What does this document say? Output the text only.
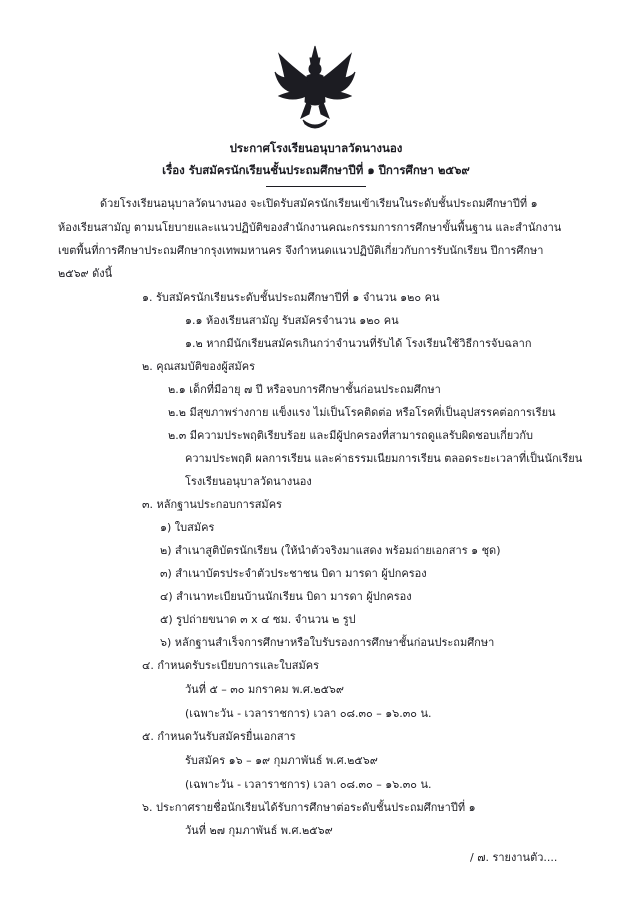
ประกาศโรงเรียนอนุบาลวัดนางนอง
เรื่อง รับสมัครนักเรียนชั้นประถมศึกษาปีที่ ๑ ปีการศึกษา ๒๕๖๙
ด้วยโรงเรียนอนุบาลวัดนางนอง จะเปิดรับสมัครนักเรียนเข้าเรียนในระดับชั้นประถมศึกษาปีที่ ๑
ห้องเรียนสามัญ ตามนโยบายและแนวปฏิบัติของสำนักงานคณะกรรมการการศึกษาขั้นพื้นฐาน และสำนักงาน
เขตพื้นที่การศึกษาประถมศึกษากรุงเทพมหานคร จึงกำหนดแนวปฏิบัติเกี่ยวกับการรับนักเรียน ปีการศึกษา
๒๕๖๙ ดังนี้
๑. รับสมัครนักเรียนระดับชั้นประถมศึกษาปีที่ ๑ จำนวน ๑๒๐ คน
๑.๑ ห้องเรียนสามัญ รับสมัครจำนวน ๑๒๐ คน
๑.๒ หากมีนักเรียนสมัครเกินกว่าจำนวนที่รับได้ โรงเรียนใช้วิธีการจับฉลาก
๒. คุณสมบัติของผู้สมัคร
๒.๑ เด็กที่มีอายุ ๗ ปี หรือจบการศึกษาชั้นก่อนประถมศึกษา
๒.๒ มีสุขภาพร่างกาย แข็งแรง ไม่เป็นโรคติดต่อ หรือโรคที่เป็นอุปสรรคต่อการเรียน
๒.๓ มีความประพฤติเรียบร้อย และมีผู้ปกครองที่สามารถดูแลรับผิดชอบเกี่ยวกับ
ความประพฤติ ผลการเรียน และค่าธรรมเนียมการเรียน ตลอดระยะเวลาที่เป็นนักเรียน
โรงเรียนอนุบาลวัดนางนอง
๓. หลักฐานประกอบการสมัคร
๑) ใบสมัคร
๒) สำเนาสูติบัตรนักเรียน (ให้นำตัวจริงมาแสดง พร้อมถ่ายเอกสาร ๑ ชุด)
๓) สำเนาบัตรประจำตัวประชาชน บิดา มารดา ผู้ปกครอง
๔) สำเนาทะเบียนบ้านนักเรียน บิดา มารดา ผู้ปกครอง
๕) รูปถ่ายขนาด ๓ x ๔ ซม. จำนวน ๒ รูป
๖) หลักฐานสำเร็จการศึกษาหรือใบรับรองการศึกษาชั้นก่อนประถมศึกษา
๔. กำหนดรับระเบียบการและใบสมัคร
วันที่ ๕ – ๓๐ มกราคม พ.ศ.๒๕๖๙
(เฉพาะวัน - เวลาราชการ) เวลา ๐๘.๓๐ – ๑๖.๓๐ น.
๕. กำหนดวันรับสมัครยื่นเอกสาร
รับสมัคร ๑๖ – ๑๙ กุมภาพันธ์ พ.ศ.๒๕๖๙
(เฉพาะวัน - เวลาราชการ) เวลา ๐๘.๓๐ – ๑๖.๓๐ น.
๖. ประกาศรายชื่อนักเรียนได้รับการศึกษาต่อระดับชั้นประถมศึกษาปีที่ ๑
วันที่ ๒๗ กุมภาพันธ์ พ.ศ.๒๕๖๙
/ ๗. รายงานตัว....
